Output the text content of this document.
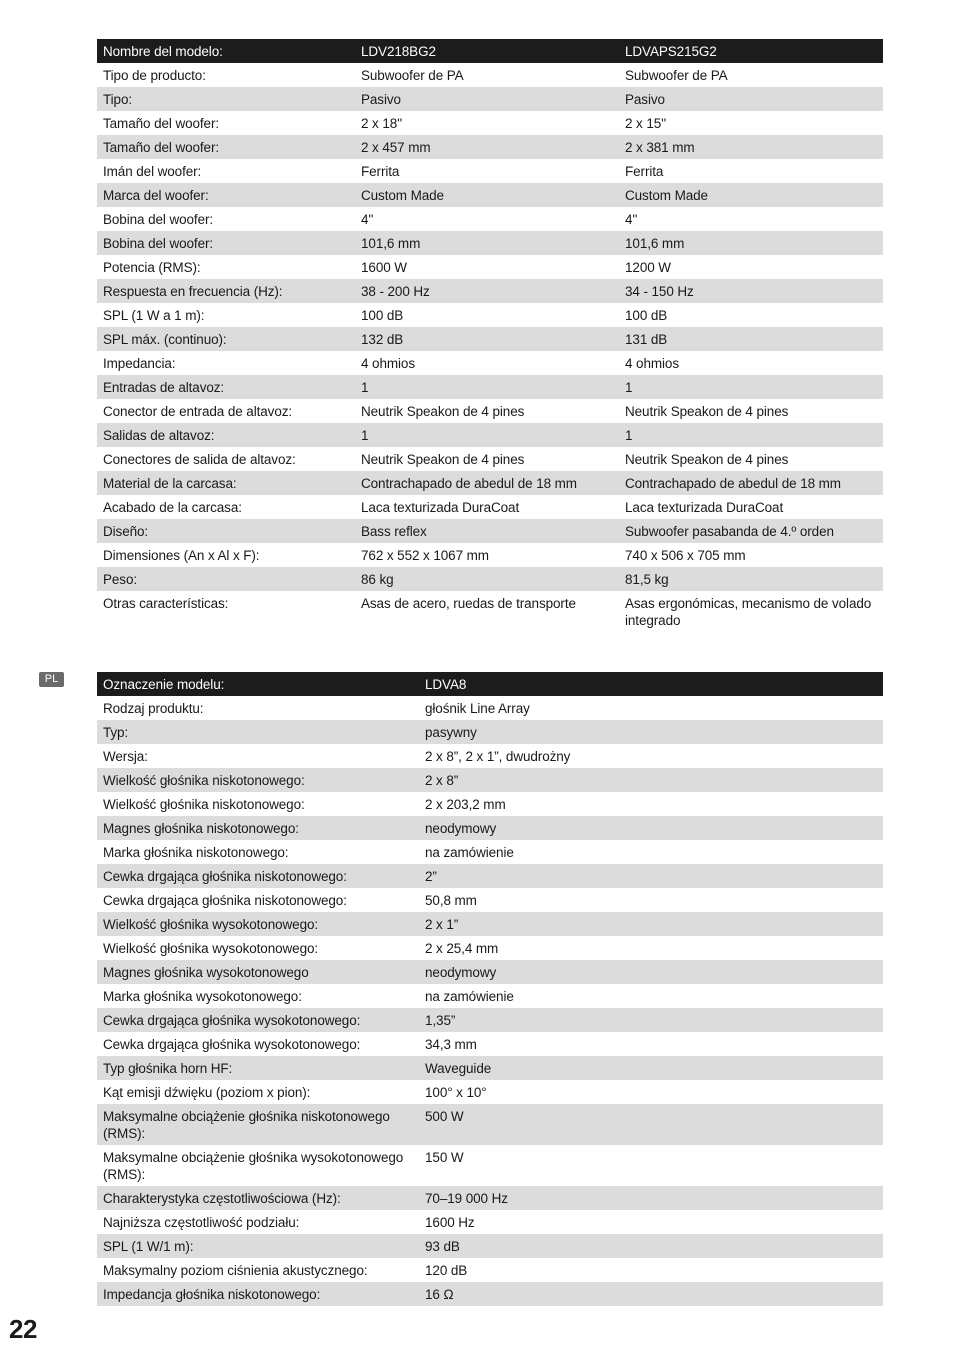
Nombre del modelo:	LDV218BG2	LDVAPS215G2
Tipo de producto:	Subwoofer de PA	Subwoofer de PA
Tipo:	Pasivo	Pasivo
Tamaño del woofer:	2 x 18''	2 x 15''
Tamaño del woofer:	2 x 457 mm	2 x 381 mm
Imán del woofer:	Ferrita	Ferrita
Marca del woofer:	Custom Made	Custom Made
Bobina del woofer:	4''	4''
Bobina del woofer:	101,6 mm	101,6 mm
Potencia (RMS):	1600 W	1200 W
Respuesta en frecuencia (Hz):	38 - 200 Hz	34 - 150 Hz
SPL (1 W a 1 m):	100 dB	100 dB
SPL máx. (continuo):	132 dB	131 dB
Impedancia:	4 ohmios	4 ohmios
Entradas de altavoz:	1	1
Conector de entrada de altavoz:	Neutrik Speakon de 4 pines	Neutrik Speakon de 4 pines
Salidas de altavoz:	1	1
Conectores de salida de altavoz:	Neutrik Speakon de 4 pines	Neutrik Speakon de 4 pines
Material de la carcasa:	Contrachapado de abedul de 18 mm	Contrachapado de abedul de 18 mm
Acabado de la carcasa:	Laca texturizada DuraCoat	Laca texturizada DuraCoat
Diseño:	Bass reflex	Subwoofer pasabanda de 4.º orden
Dimensiones (An x Al x F):	762 x 552 x 1067 mm	740 x 506 x 705 mm
Peso:	86 kg	81,5 kg
Otras características:	Asas de acero, ruedas de transporte	Asas ergonómicas, mecanismo de volado integrado
PL	Oznaczenie modelu:	LDVA8
Rodzaj produktu:	głośnik Line Array
Typ:	pasywny
Wersja:	2 x 8”, 2 x 1”, dwudrożny
Wielkość głośnika niskotonowego:	2 x 8”
Wielkość głośnika niskotonowego:	2 x 203,2 mm
Magnes głośnika niskotonowego:	neodymowy
Marka głośnika niskotonowego:	na zamówienie
Cewka drgająca głośnika niskotonowego:	2”
Cewka drgająca głośnika niskotonowego:	50,8 mm
Wielkość głośnika wysokotonowego:	2 x 1”
Wielkość głośnika wysokotonowego:	2 x 25,4 mm
Magnes głośnika wysokotonowego	neodymowy
Marka głośnika wysokotonowego:	na zamówienie
Cewka drgająca głośnika wysokotonowego:	1,35”
Cewka drgająca głośnika wysokotonowego:	34,3 mm
Typ głośnika horn HF:	Waveguide
Kąt emisji dźwięku (poziom x pion):	100° x 10°
Maksymalne obciążenie głośnika niskotonowego (RMS):	500 W
Maksymalne obciążenie głośnika wysokotonowego (RMS):	150 W
Charakterystyka częstotliwościowa (Hz):	70–19 000 Hz
Najniższa częstotliwość podziału:	1600 Hz
SPL (1 W/1 m):	93 dB
Maksymalny poziom ciśnienia akustycznego:	120 dB
Impedancja głośnika niskotonowego:	16 Ω
22
